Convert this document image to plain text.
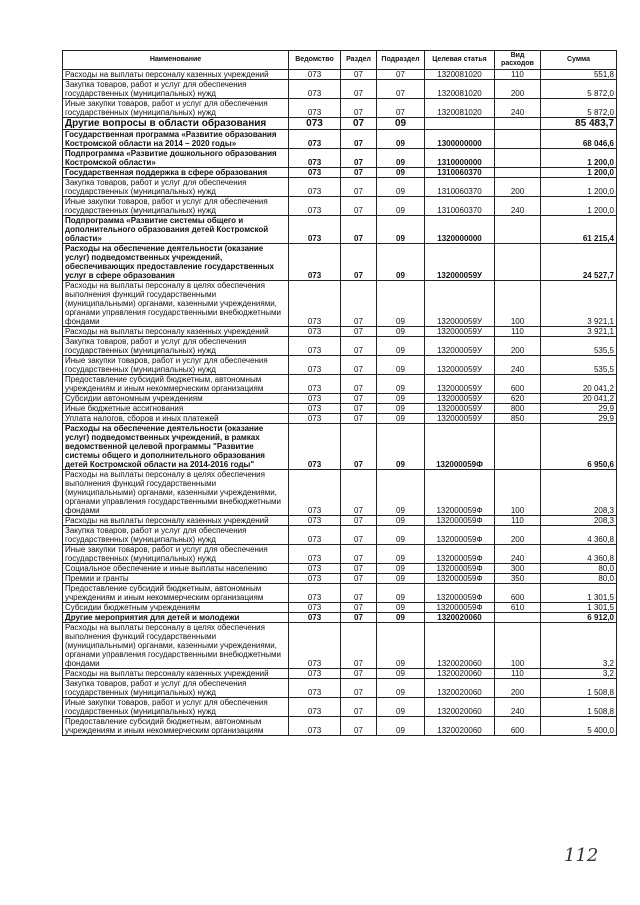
Наименование	Ведомство	Раздел	Подраздел	Целевая статья	Вид расходов	Сумма
Расходы на выплаты персоналу казенных учреждений	073	07	07	1320081020	110	551,8
Закупка товаров, работ и услуг для обеспечения государственных (муниципальных) нужд	073	07	07	1320081020	200	5 872,0
Иные закупки товаров, работ и услуг для обеспечения государственных (муниципальных) нужд	073	07	07	1320081020	240	5 872,0
Другие вопросы в области образования	073	07	09			85 483,7
Государственная программа «Развитие образования Костромской области на 2014 – 2020 годы»	073	07	09	1300000000		68 046,6
Подпрограмма «Развитие дошкольного образования Костромской области»	073	07	09	1310000000		1 200,0
Государственная поддержка в сфере образования	073	07	09	1310060370		1 200,0
Закупка товаров, работ и услуг для обеспечения государственных (муниципальных) нужд	073	07	09	1310060370	200	1 200,0
Иные закупки товаров, работ и услуг для обеспечения государственных (муниципальных) нужд	073	07	09	1310060370	240	1 200,0
Подпрограмма «Развитие системы общего и дополнительного образования детей Костромской области»	073	07	09	1320000000		61 215,4
Расходы на обеспечение деятельности (оказание услуг) подведомственных учреждений, обеспечивающих предоставление государственных услуг в сфере образования	073	07	09	132000059У		24 527,7
Расходы на выплаты персоналу в целях обеспечения выполнения функций государственными (муниципальными) органами, казенными учреждениями, органами управления государственными внебюджетными фондами	073	07	09	132000059У	100	3 921,1
Расходы на выплаты персоналу казенных учреждений	073	07	09	132000059У	110	3 921,1
Закупка товаров, работ и услуг для обеспечения государственных (муниципальных) нужд	073	07	09	132000059У	200	535,5
Иные закупки товаров, работ и услуг для обеспечения государственных (муниципальных) нужд	073	07	09	132000059У	240	535,5
Предоставление субсидий бюджетным, автономным учреждениям и иным некоммерческим организациям	073	07	09	132000059У	600	20 041,2
Субсидии автономным учреждениям	073	07	09	132000059У	620	20 041,2
Иные бюджетные ассигнования	073	07	09	132000059У	800	29,9
Уплата налогов, сборов и иных платежей	073	07	09	132000059У	850	29,9
Расходы на обеспечение деятельности (оказание услуг) подведомственных учреждений, в рамках ведомственной целевой программы "Развитие системы общего и дополнительного образования детей Костромской области на 2014-2016 годы"	073	07	09	132000059Ф		6 950,6
Расходы на выплаты персоналу в целях обеспечения выполнения функций государственными (муниципальными) органами, казенными учреждениями, органами управления государственными внебюджетными фондами	073	07	09	132000059Ф	100	208,3
Расходы на выплаты персоналу казенных учреждений	073	07	09	132000059Ф	110	208,3
Закупка товаров, работ и услуг для обеспечения государственных (муниципальных) нужд	073	07	09	132000059Ф	200	4 360,8
Иные закупки товаров, работ и услуг для обеспечения государственных (муниципальных) нужд	073	07	09	132000059Ф	240	4 360,8
Социальное обеспечение и иные выплаты населению	073	07	09	132000059Ф	300	80,0
Премии и гранты	073	07	09	132000059Ф	350	80,0
Предоставление субсидий бюджетным, автономным учреждениям и иным некоммерческим организациям	073	07	09	132000059Ф	600	1 301,5
Субсидии бюджетным учреждениям	073	07	09	132000059Ф	610	1 301,5
Другие мероприятия для детей и молодежи	073	07	09	1320020060		6 912,0
Расходы на выплаты персоналу в целях обеспечения выполнения функций государственными (муниципальными) органами, казенными учреждениями, органами управления государственными внебюджетными фондами	073	07	09	1320020060	100	3,2
Расходы на выплаты персоналу казенных учреждений	073	07	09	1320020060	110	3,2
Закупка товаров, работ и услуг для обеспечения государственных (муниципальных) нужд	073	07	09	1320020060	200	1 508,8
Иные закупки товаров, работ и услуг для обеспечения государственных (муниципальных) нужд	073	07	09	1320020060	240	1 508,8
Предоставление субсидий бюджетным, автономным учреждениям и иным некоммерческим организациям	073	07	09	1320020060	600	5 400,0
112
